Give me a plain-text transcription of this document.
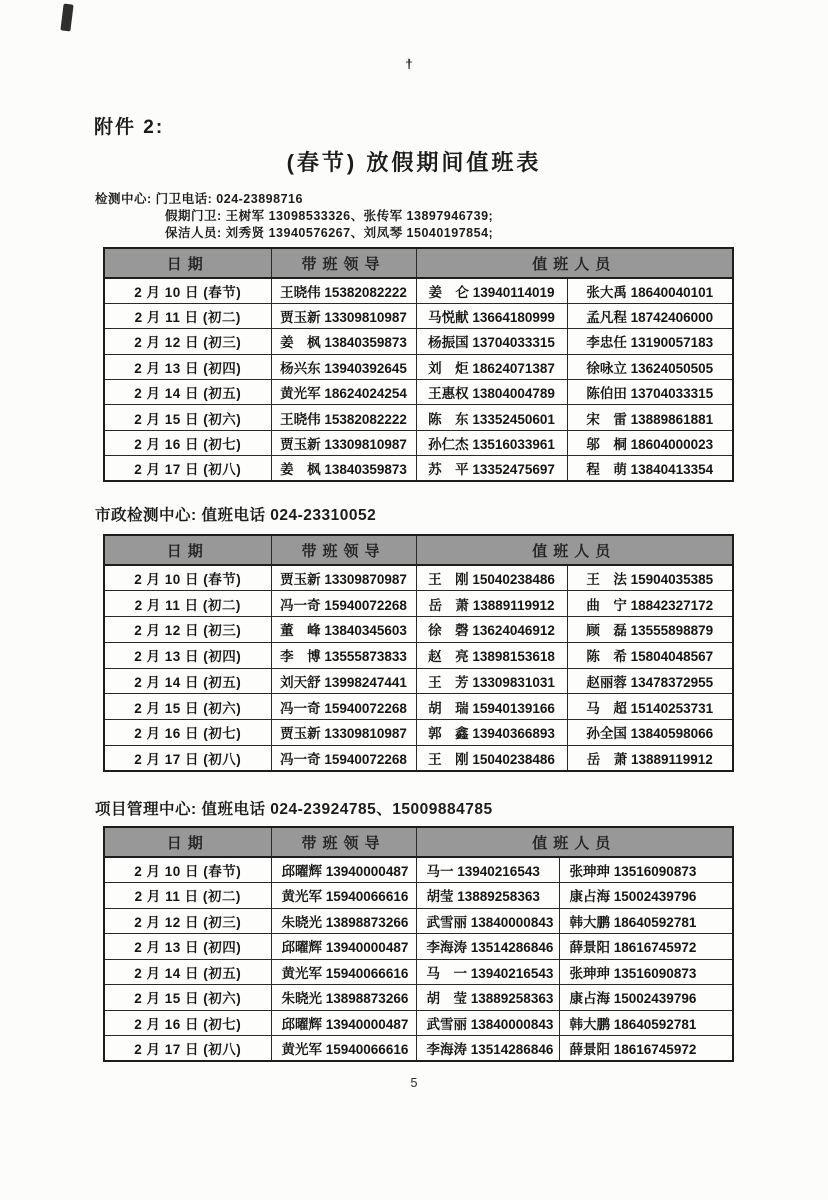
ϯ
附件 2:
(春节) 放假期间值班表
检测中心: 门卫电话: 024-23898716
假期门卫: 王树军 13098533326、张传军 13897946739;
保洁人员: 刘秀贤 13940576267、刘凤琴 15040197854;
日期	带班领导	值班人员	
2 月 10 日 (春节)	王晓伟 15382082222	姜　仑 13940114019	张大禹 18640040101
2 月 11 日 (初二)	贾玉新 13309810987	马悦献 13664180999	孟凡程 18742406000
2 月 12 日 (初三)	姜　枫 13840359873	杨振国 13704033315	李忠任 13190057183
2 月 13 日 (初四)	杨兴东 13940392645	刘　炬 18624071387	徐咏立 13624050505
2 月 14 日 (初五)	黄光军 18624024254	王惠权 13804004789	陈伯田 13704033315
2 月 15 日 (初六)	王晓伟 15382082222	陈　东 13352450601	宋　雷 13889861881
2 月 16 日 (初七)	贾玉新 13309810987	孙仁杰 13516033961	邬　桐 18604000023
2 月 17 日 (初八)	姜　枫 13840359873	苏　平 13352475697	程　萌 13840413354
市政检测中心: 值班电话 024-23310052
日期	带班领导	值班人员	
2 月 10 日 (春节)	贾玉新 13309870987	王　刚 15040238486	王　法 15904035385
2 月 11 日 (初二)	冯一奇 15940072268	岳　萧 13889119912	曲　宁 18842327172
2 月 12 日 (初三)	董　峰 13840345603	徐　磬 13624046912	顾　磊 13555898879
2 月 13 日 (初四)	李　博 13555873833	赵　亮 13898153618	陈　希 15804048567
2 月 14 日 (初五)	刘天舒 13998247441	王　芳 13309831031	赵丽蓉 13478372955
2 月 15 日 (初六)	冯一奇 15940072268	胡　瑞 15940139166	马　超 15140253731
2 月 16 日 (初七)	贾玉新 13309810987	郭　鑫 13940366893	孙全国 13840598066
2 月 17 日 (初八)	冯一奇 15940072268	王　刚 15040238486	岳　萧 13889119912
项目管理中心: 值班电话 024-23924785、15009884785
日期	带班领导	值班人员	
2 月 10 日 (春节)	邱曜辉 13940000487	马一 13940216543	张珅珅 13516090873
2 月 11 日 (初二)	黄光军 15940066616	胡莹 13889258363	康占海 15002439796
2 月 12 日 (初三)	朱晓光 13898873266	武雪丽 13840000843	韩大鹏 18640592781
2 月 13 日 (初四)	邱曜辉 13940000487	李海涛 13514286846	薛景阳 18616745972
2 月 14 日 (初五)	黄光军 15940066616	马　一 13940216543	张珅珅 13516090873
2 月 15 日 (初六)	朱晓光 13898873266	胡　莹 13889258363	康占海 15002439796
2 月 16 日 (初七)	邱曜辉 13940000487	武雪丽 13840000843	韩大鹏 18640592781
2 月 17 日 (初八)	黄光军 15940066616	李海涛 13514286846	薛景阳 18616745972
5
